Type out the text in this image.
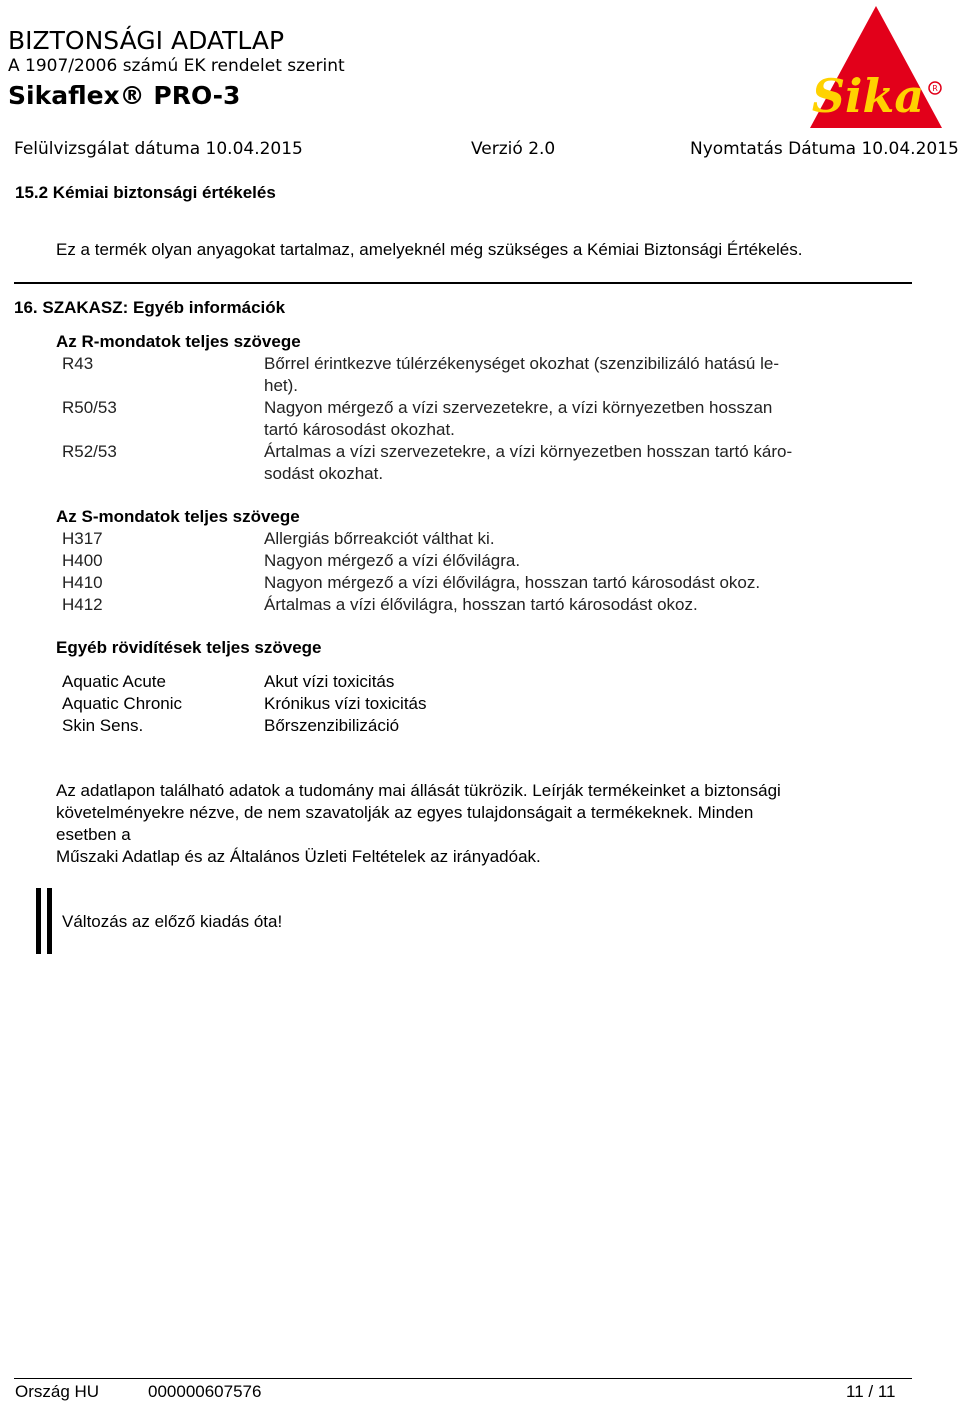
BIZTONSÁGI ADATLAP
A 1907/2006 számú EK rendelet szerint
Sikaflex® PRO-3
Felülvizsgálat dátuma 10.04.2015	Verzió 2.0	Nyomtatás Dátuma 10.04.2015
Sika R
15.2 Kémiai biztonsági értékelés
Ez a termék olyan anyagokat tartalmaz, amelyeknél még szükséges a Kémiai Biztonsági Értékelés.
16. SZAKASZ: Egyéb információk
Az R-mondatok teljes szövege
R43	Bőrrel érintkezve túlérzékenységet okozhat (szenzibilizáló hatású le-
het).
R50/53	Nagyon mérgező a vízi szervezetekre, a vízi környezetben hosszan
tartó károsodást okozhat.
R52/53	Ártalmas a vízi szervezetekre, a vízi környezetben hosszan tartó káro-
sodást okozhat.
Az S-mondatok teljes szövege
H317	Allergiás bőrreakciót válthat ki.
H400	Nagyon mérgező a vízi élővilágra.
H410	Nagyon mérgező a vízi élővilágra, hosszan tartó károsodást okoz.
H412	Ártalmas a vízi élővilágra, hosszan tartó károsodást okoz.
Egyéb rövidítések teljes szövege
Aquatic Acute	Akut vízi toxicitás
Aquatic Chronic	Krónikus vízi toxicitás
Skin Sens.	Bőrszenzibilizáció
Az adatlapon található adatok a tudomány mai állását tükrözik. Leírják termékeinket a biztonsági
követelményekre nézve, de nem szavatolják az egyes tulajdonságait a termékeknek. Minden
esetben a
Műszaki Adatlap és az Általános Üzleti Feltételek az irányadóak.
Változás az előző kiadás óta!
Ország HU	000000607576	11 / 11
